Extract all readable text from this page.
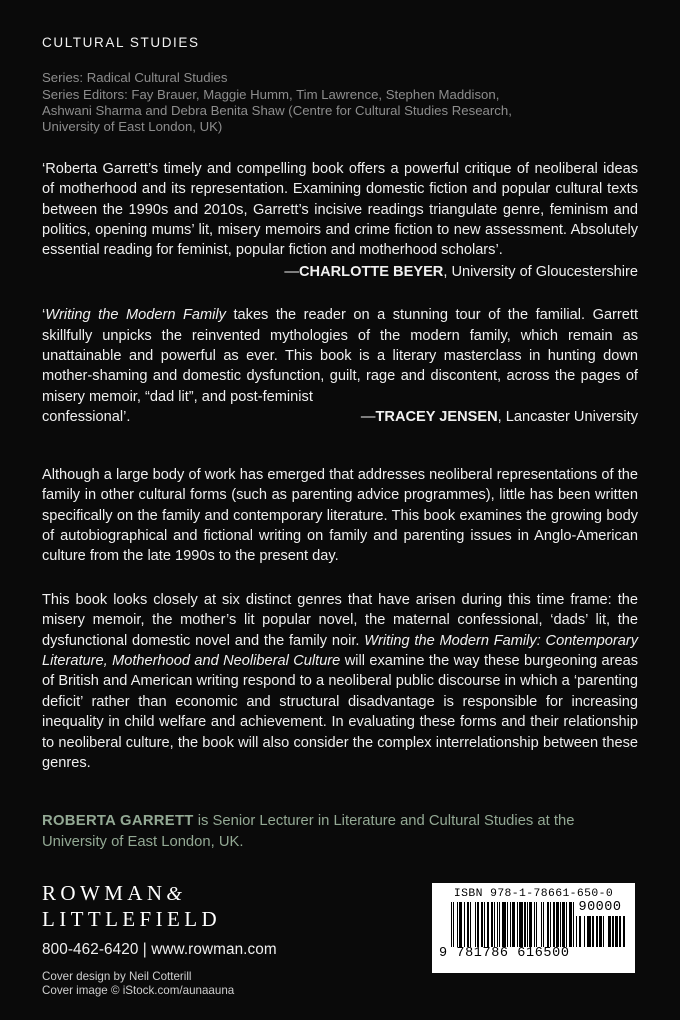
CULTURAL STUDIES
Series: Radical Cultural Studies
Series Editors: Fay Brauer, Maggie Humm, Tim Lawrence, Stephen Maddison,
Ashwani Sharma and Debra Benita Shaw (Centre for Cultural Studies Research,
University of East London, UK)
‘Roberta Garrett’s timely and compelling book offers a powerful critique of neoliberal ideas of motherhood and its representation. Examining domestic fiction and popular cultural texts between the 1990s and 2010s, Garrett’s incisive readings triangulate genre, feminism and politics, opening mums’ lit, misery memoirs and crime fiction to new assessment. Absolutely essential reading for feminist, popular fiction and motherhood scholars’.
—CHARLOTTE BEYER, University of Gloucestershire
‘Writing the Modern Family takes the reader on a stunning tour of the familial. Garrett skillfully unpicks the reinvented mythologies of the modern family, which remain as unattainable and powerful as ever. This book is a literary masterclass in hunting down mother-shaming and domestic dysfunction, guilt, rage and discontent, across the pages of misery memoir, “dad lit”, and post-feminist
—TRACEY JENSEN, Lancaster University
confessional’.
Although a large body of work has emerged that addresses neoliberal representations of the family in other cultural forms (such as parenting advice programmes), little has been written specifically on the family and contemporary literature. This book examines the growing body of autobiographical and fictional writing on family and parenting issues in Anglo-American culture from the late 1990s to the present day.
This book looks closely at six distinct genres that have arisen during this time frame: the misery memoir, the mother’s lit popular novel, the maternal confessional, ‘dads’ lit, the dysfunctional domestic novel and the family noir. Writing the Modern Family: Contemporary Literature, Motherhood and Neoliberal Culture will examine the way these burgeoning areas of British and American writing respond to a neoliberal public discourse in which a ‘parenting deficit’ rather than economic and structural disadvantage is responsible for increasing inequality in child welfare and achievement. In evaluating these forms and their relationship to neoliberal culture, the book will also consider the complex interrelationship between these genres.
ROBERTA GARRETT is Senior Lecturer in Literature and Cultural Studies at the University of East London, UK.
ROWMAN&
LITTLEFIELD
800-462-6420 | www.rowman.com
Cover design by Neil Cotterill
Cover image © iStock.com/aunaauna
ISBN 978-1-78661-650-0
90000
9 781786 616500
